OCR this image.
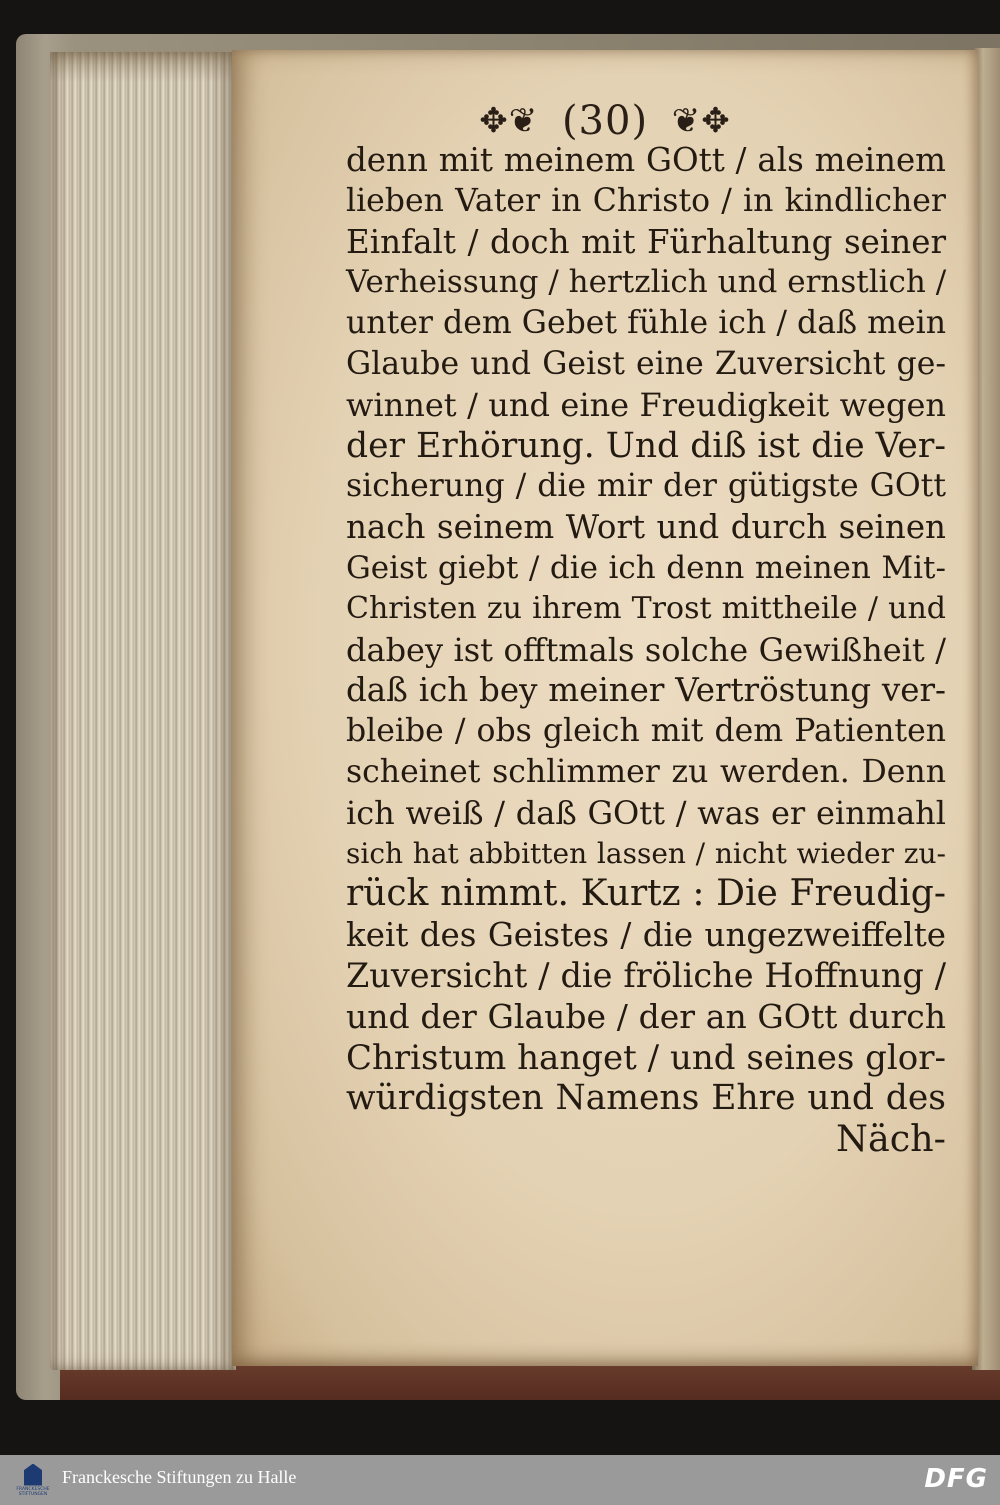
✥❦ (30) ❦✥
denn mit meinem GOtt / als meinem
lieben Vater in Christo / in kindlicher
Einfalt / doch mit Fürhaltung seiner
Verheissung / hertzlich und ernstlich /
unter dem Gebet fühle ich / daß mein
Glaube und Geist eine Zuversicht ge-
winnet / und eine Freudigkeit wegen
der Erhörung. Und diß ist die Ver-
sicherung / die mir der gütigste GOtt
nach seinem Wort und durch seinen
Geist giebt / die ich denn meinen Mit-
Christen zu ihrem Trost mittheile / und
dabey ist offtmals solche Gewißheit /
daß ich bey meiner Vertröstung ver-
bleibe / obs gleich mit dem Patienten
scheinet schlimmer zu werden. Denn
ich weiß / daß GOtt / was er einmahl
sich hat abbitten lassen / nicht wieder zu-
rück nimmt. Kurtz : Die Freudig-
keit des Geistes / die ungezweiffelte
Zuversicht / die fröliche Hoffnung /
und der Glaube / der an GOtt durch
Christum hanget / und seines glor-
würdigsten Namens Ehre und des
Näch-
FRANCKESCHE STIFTUNGEN
Franckesche Stiftungen zu Halle	DFG
